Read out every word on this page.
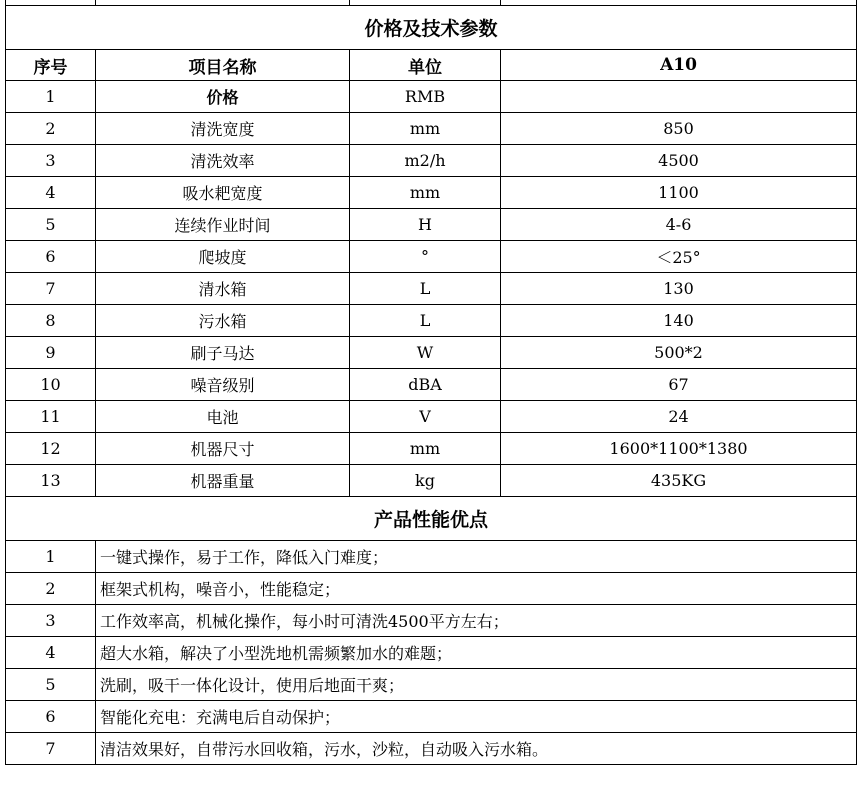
价格及技术参数			
序号	项目名称	单位	A10
1	价格	RMB	
2	清洗宽度	mm	850
3	清洗效率	m2/h	4500
4	吸水耙宽度	mm	1100
5	连续作业时间	H	4-6
6	爬坡度	°	＜25°
7	清水箱	L	130
8	污水箱	L	140
9	刷子马达	W	500*2
10	噪音级别	dBA	67
11	电池	V	24
12	机器尺寸	mm	1600*1100*1380
13	机器重量	kg	435KG
产品性能优点			
1	一键式操作，易于工作，降低入门难度；		
2	框架式机构，噪音小，性能稳定；		
3	工作效率高，机械化操作，每小时可清洗4500平方左右；		
4	超大水箱，解决了小型洗地机需频繁加水的难题；		
5	洗刷，吸干一体化设计，使用后地面干爽；		
6	智能化充电：充满电后自动保护；		
7	清洁效果好，自带污水回收箱，污水，沙粒，自动吸入污水箱。		
